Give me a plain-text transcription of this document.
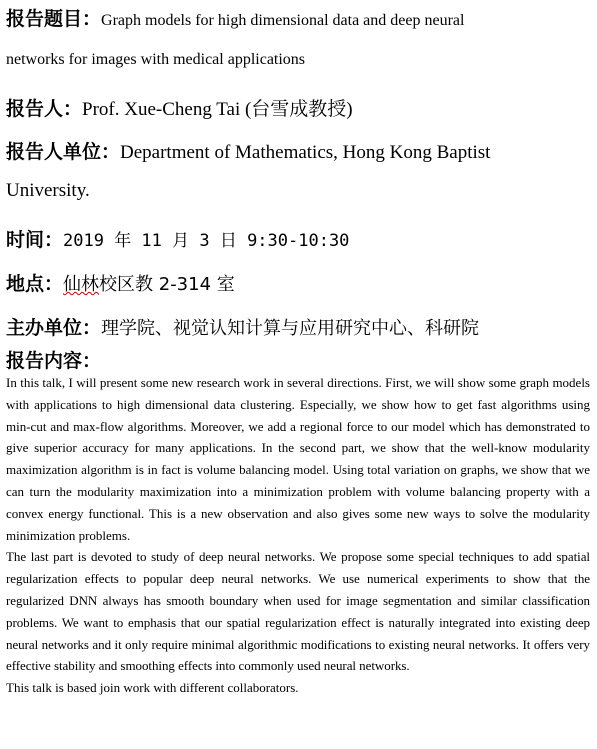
报告题目：Graph models for high dimensional data and deep neural
networks for images with medical applications
报告人：Prof. Xue-Cheng Tai (台雪成教授)
报告人单位：Department of Mathematics, Hong Kong Baptist
University.
时间：2019 年 11 月 3 日 9:30-10:30
地点：仙林校区教 2-314 室
主办单位：理学院、视觉认知计算与应用研究中心、科研院
报告内容：

In this talk, I will present some new research work in several directions. First, we will show some graph models with applications to high dimensional data clustering. Especially, we show how to get fast algorithms using min-cut and max-flow algorithms. Moreover, we add a regional force to our model which has demonstrated to give superior accuracy for many applications. In the second part, we show that the well-know modularity maximization algorithm is in fact is volume balancing model. Using total variation on graphs, we show that we can turn the modularity maximization into a minimization problem with volume balancing property with a convex energy functional. This is a new observation and also gives some new ways to solve the modularity minimization problems.

The last part is devoted to study of deep neural networks. We propose some special techniques to add spatial regularization effects to popular deep neural networks. We use numerical experiments to show that the regularized DNN always has smooth boundary when used for image segmentation and similar classification problems. We want to emphasis that our spatial regularization effect is naturally integrated into existing deep neural networks and it only require minimal algorithmic modifications to existing neural networks. It offers very effective stability and smoothing effects into commonly used neural networks.

This talk is based join work with different collaborators.
